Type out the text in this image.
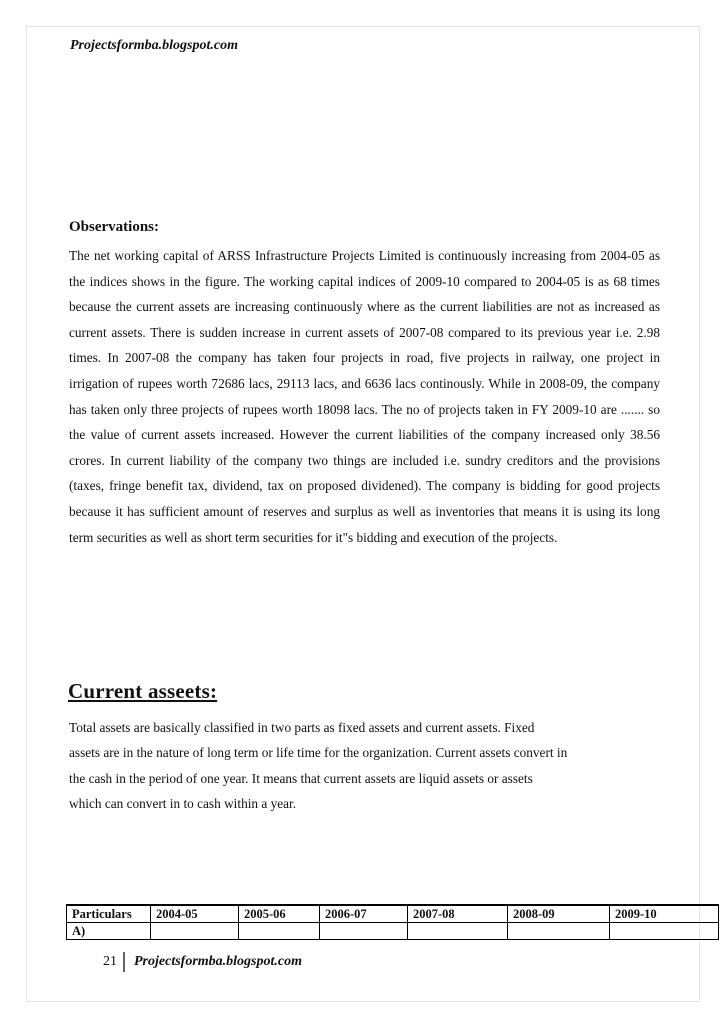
Projectsformba.blogspot.com
Observations:

The net working capital of ARSS Infrastructure Projects Limited is continuously increasing from 2004-05 as the indices shows in the figure. The working capital indices of 2009-10 compared to 2004-05 is as 68 times because the current assets are increasing continuously where as the current liabilities are not as increased as current assets. There is sudden increase in current assets of 2007-08 compared to its previous year i.e. 2.98 times. In 2007-08 the company has taken four projects in road, five projects in railway, one project in irrigation of rupees worth 72686 lacs, 29113 lacs, and 6636 lacs continously. While in 2008-09, the company has taken only three projects of rupees worth 18098 lacs. The no of projects taken in FY 2009-10 are ....... so the value of current assets increased. However the current liabilities of the company increased only 38.56 crores. In current liability of the company two things are included i.e. sundry creditors and the provisions (taxes, fringe benefit tax, dividend, tax on proposed dividened). The company is bidding for good projects because it has sufficient amount of reserves and surplus as well as inventories that means it is using its long term securities as well as short term securities for it"s bidding and execution of the projects.

Current asseets:

Total assets are basically classified in two parts as fixed assets and current assets. Fixed
assets are in the nature of long term or life time for the organization. Current assets convert in
the cash in the period of one year. It means that current assets are liquid assets or assets
which can convert in to cash within a year.

Particulars	2004-05	2005-06	2006-07	2007-08	2008-09	2009-10
A)						
21 Projectsformba.blogspot.com
